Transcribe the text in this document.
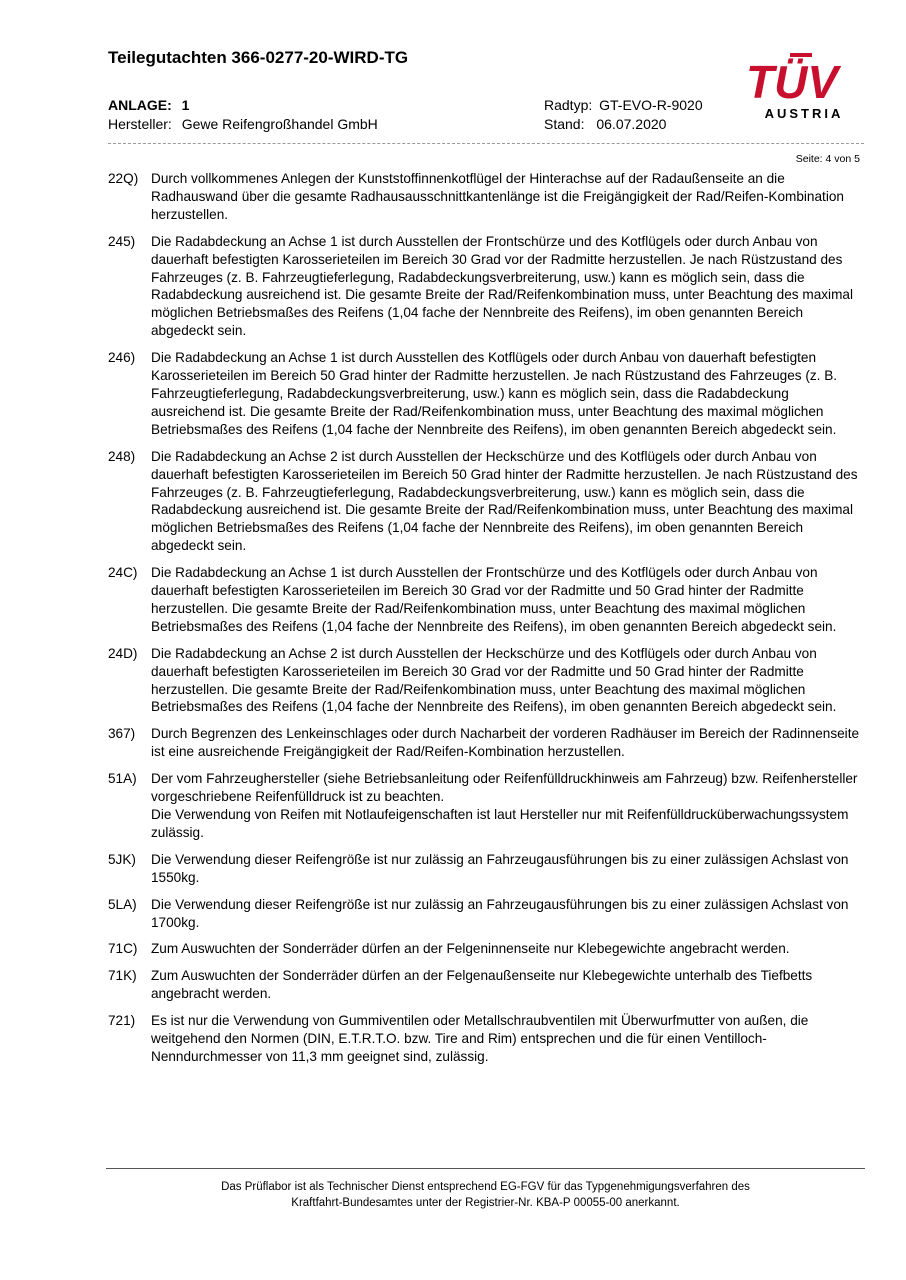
Teilegutachten 366-0277-20-WIRD-TG
ANLAGE: 1
Hersteller: Gewe Reifengroßhandel GmbH
Radtyp: GT-EVO-R-9020
Stand: 06.07.2020
TÜV
AUSTRIA
Seite: 4 von 5
22Q) Durch vollkommenes Anlegen der Kunststoffinnenkotflügel der Hinterachse auf der Radaußenseite an die Radhauswand über die gesamte Radhausausschnittkantenlänge ist die Freigängigkeit der Rad/Reifen-Kombination herzustellen.

245)	Die Radabdeckung an Achse 1 ist durch Ausstellen der Frontschürze und des Kotflügels oder durch Anbau von dauerhaft befestigten Karosserieteilen im Bereich 30 Grad vor der Radmitte herzustellen. Je nach Rüstzustand des Fahrzeuges (z. B. Fahrzeugtieferlegung, Radabdeckungsverbreiterung, usw.) kann es möglich sein, dass die Radabdeckung ausreichend ist. Die gesamte Breite der Rad/Reifenkombination muss, unter Beachtung des maximal möglichen Betriebsmaßes des Reifens (1,04 fache der Nennbreite des Reifens), im oben genannten Bereich abgedeckt sein.

246)	Die Radabdeckung an Achse 1 ist durch Ausstellen des Kotflügels oder durch Anbau von dauerhaft befestigten Karosserieteilen im Bereich 50 Grad hinter der Radmitte herzustellen. Je nach Rüstzustand des Fahrzeuges (z. B. Fahrzeugtieferlegung, Radabdeckungsverbreiterung, usw.) kann es möglich sein, dass die Radabdeckung ausreichend ist. Die gesamte Breite der Rad/Reifenkombination muss, unter Beachtung des maximal möglichen Betriebsmaßes des Reifens (1,04 fache der Nennbreite des Reifens), im oben genannten Bereich abgedeckt sein.

248)	Die Radabdeckung an Achse 2 ist durch Ausstellen der Heckschürze und des Kotflügels oder durch Anbau von dauerhaft befestigten Karosserieteilen im Bereich 50 Grad hinter der Radmitte herzustellen. Je nach Rüstzustand des Fahrzeuges (z. B. Fahrzeugtieferlegung, Radabdeckungsverbreiterung, usw.) kann es möglich sein, dass die Radabdeckung ausreichend ist. Die gesamte Breite der Rad/Reifenkombination muss, unter Beachtung des maximal möglichen Betriebsmaßes des Reifens (1,04 fache der Nennbreite des Reifens), im oben genannten Bereich abgedeckt sein.

24C) Die Radabdeckung an Achse 1 ist durch Ausstellen der Frontschürze und des Kotflügels oder durch Anbau von dauerhaft befestigten Karosserieteilen im Bereich 30 Grad vor der Radmitte und 50 Grad hinter der Radmitte herzustellen. Die gesamte Breite der Rad/Reifenkombination muss, unter Beachtung des maximal möglichen Betriebsmaßes des Reifens (1,04 fache der Nennbreite des Reifens), im oben genannten Bereich abgedeckt sein.

24D) Die Radabdeckung an Achse 2 ist durch Ausstellen der Heckschürze und des Kotflügels oder durch Anbau von dauerhaft befestigten Karosserieteilen im Bereich 30 Grad vor der Radmitte und 50 Grad hinter der Radmitte herzustellen. Die gesamte Breite der Rad/Reifenkombination muss, unter Beachtung des maximal möglichen Betriebsmaßes des Reifens (1,04 fache der Nennbreite des Reifens), im oben genannten Bereich abgedeckt sein.

367)	Durch Begrenzen des Lenkeinschlages oder durch Nacharbeit der vorderen Radhäuser im Bereich der Radinnenseite ist eine ausreichende Freigängigkeit der Rad/Reifen-Kombination herzustellen.

51A)	Der vom Fahrzeughersteller (siehe Betriebsanleitung oder Reifenfülldruckhinweis am Fahrzeug) bzw. Reifenhersteller vorgeschriebene Reifenfülldruck ist zu beachten.

Die Verwendung von Reifen mit Notlaufeigenschaften ist laut Hersteller nur mit Reifenfülldrucküberwachungssystem zulässig.

5JK)	Die Verwendung dieser Reifengröße ist nur zulässig an Fahrzeugausführungen bis zu einer zulässigen Achslast von 1550kg.

5LA)	Die Verwendung dieser Reifengröße ist nur zulässig an Fahrzeugausführungen bis zu einer zulässigen Achslast von 1700kg.

71C) Zum Auswuchten der Sonderräder dürfen an der Felgeninnenseite nur Klebegewichte angebracht werden.

71K)	Zum Auswuchten der Sonderräder dürfen an der Felgenaußenseite nur Klebegewichte unterhalb des Tiefbetts angebracht werden.

721)	Es ist nur die Verwendung von Gummiventilen oder Metallschraubventilen mit Überwurfmutter von außen, die weitgehend den Normen (DIN, E.T.R.T.O. bzw. Tire and Rim) entsprechen und die für einen Ventilloch-Nenndurchmesser von 11,3 mm geeignet sind, zulässig.

Das Prüflabor ist als Technischer Dienst entsprechend EG-FGV für das Typgenehmigungsverfahren des
Kraftfahrt-Bundesamtes unter der Registrier-Nr. KBA-P 00055-00 anerkannt.
